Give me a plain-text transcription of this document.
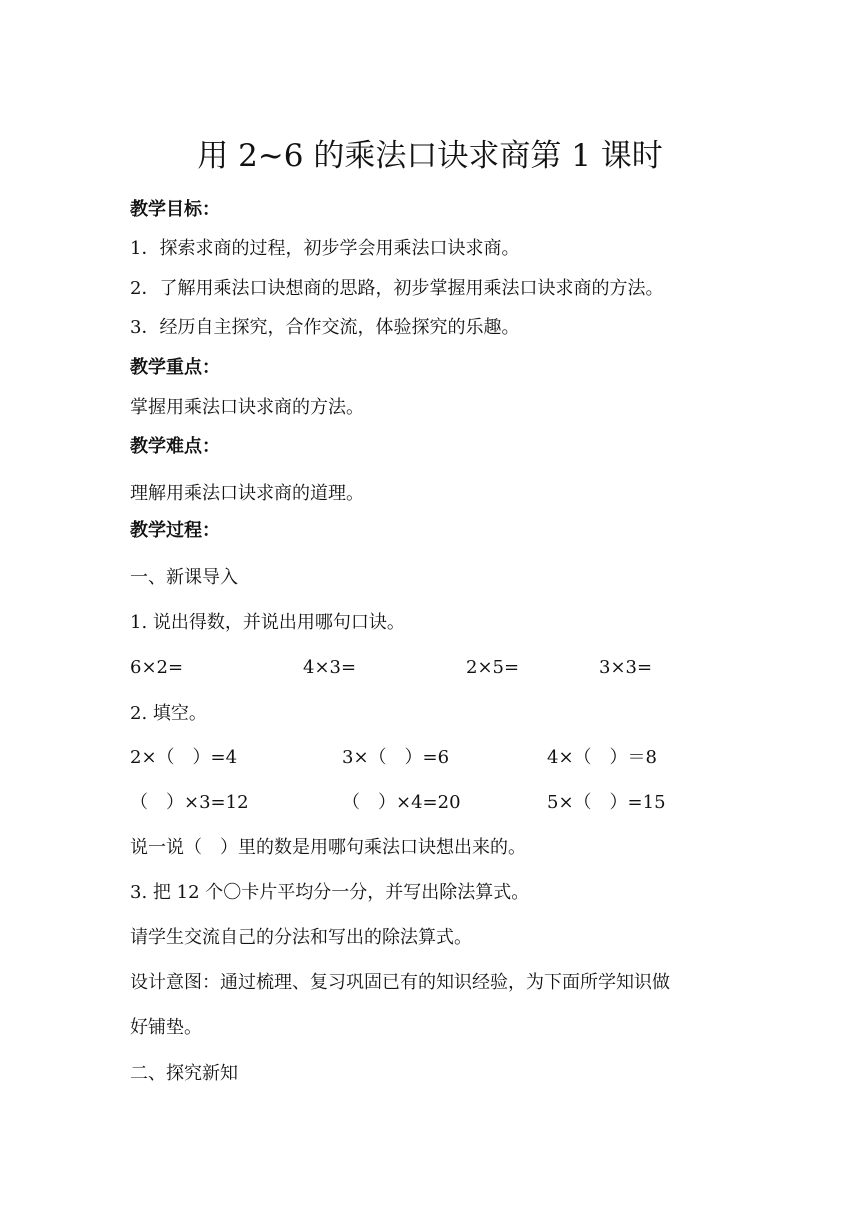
用 2~6 的乘法口诀求商第 1 课时
教学目标：
1．探索求商的过程，初步学会用乘法口诀求商。
2．了解用乘法口诀想商的思路，初步掌握用乘法口诀求商的方法。
3．经历自主探究，合作交流，体验探究的乐趣。
教学重点：
掌握用乘法口诀求商的方法。
教学难点：
理解用乘法口诀求商的道理。
教学过程：
一、新课导入
1. 说出得数，并说出用哪句口诀。
6×2=	4×3=	2×5=	3×3=
2. 填空。
2×（　）=4	3×（　）=6	4×（　）＝8
（　）×3=12	（　）×4=20	5×（　）=15
说一说（　）里的数是用哪句乘法口诀想出来的。
3. 把 12 个〇卡片平均分一分，并写出除法算式。
请学生交流自己的分法和写出的除法算式。
设计意图：通过梳理、复习巩固已有的知识经验，为下面所学知识做
好铺垫。
二、探究新知
